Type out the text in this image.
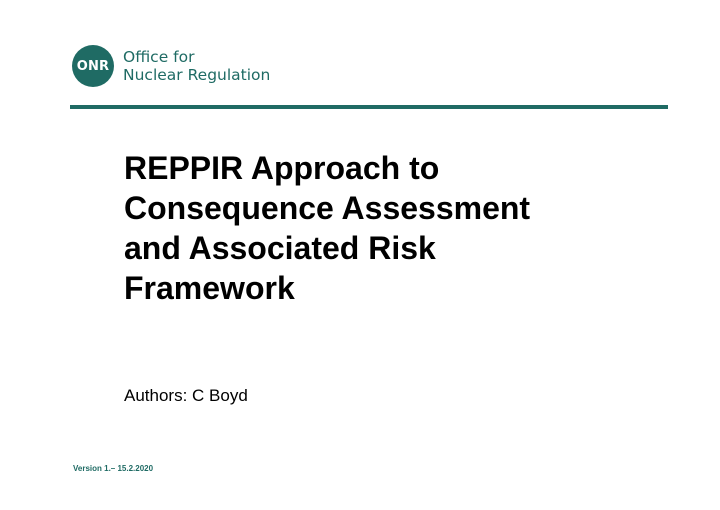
ONR Office for
Nuclear Regulation
REPPIR Approach to
Consequence Assessment
and Associated Risk
Framework
Authors: C Boyd
Version 1.– 15.2.2020
